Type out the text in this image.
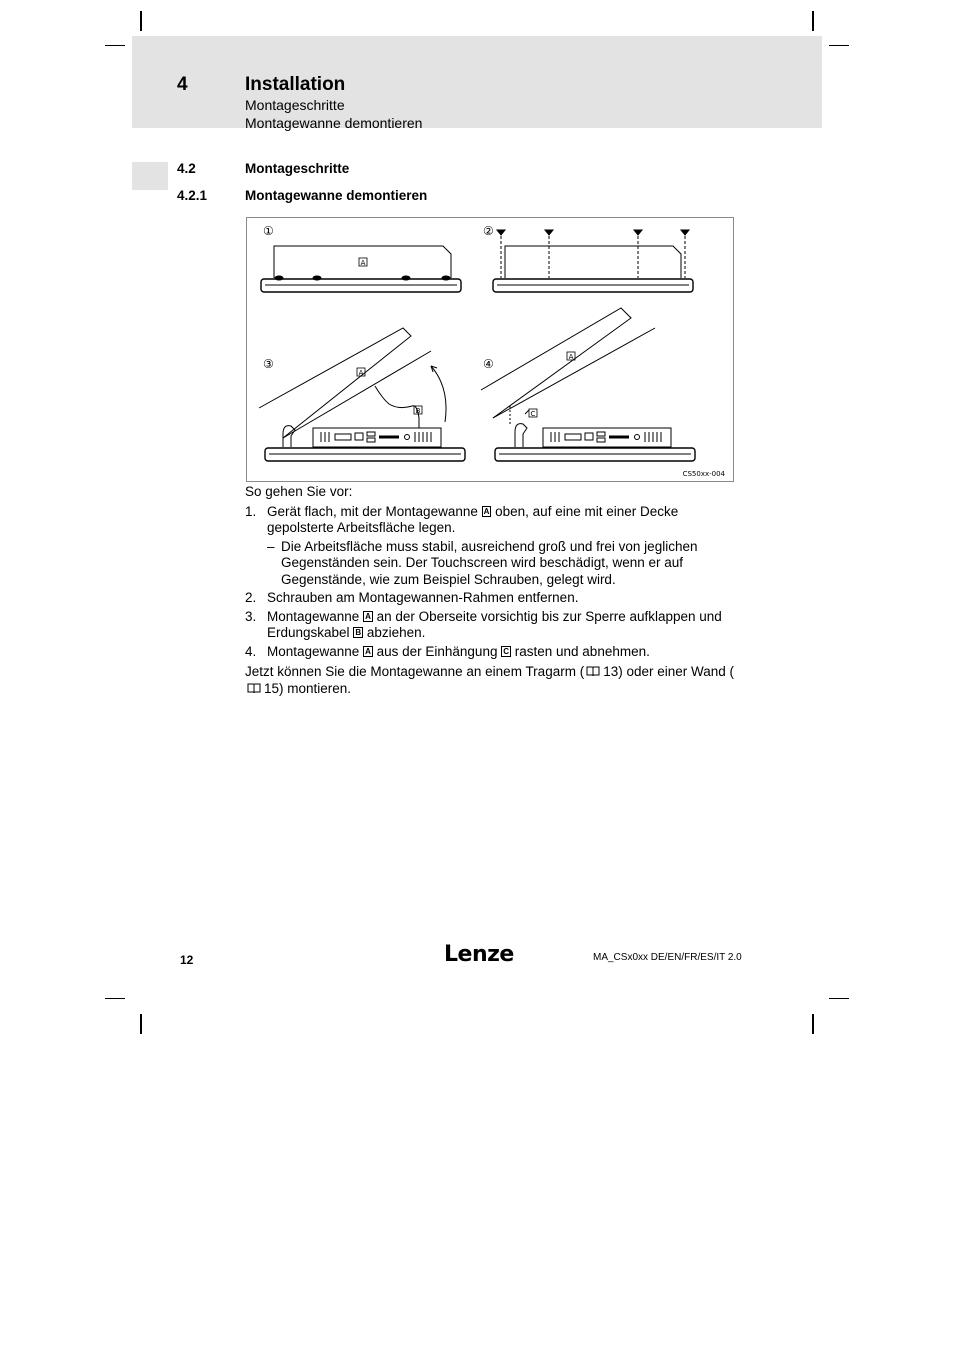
4	Installation
Montageschritte
Montagewanne demontieren
4.2	Montageschritte
4.2.1	Montagewanne demontieren
①	②
③	④
A
A
B
A
C
CS50xx-004

So gehen Sie vor:

1. Gerät flach, mit der Montagewanne A oben, auf eine mit einer Decke gepolsterte Arbeitsfläche legen.
– Die Arbeitsfläche muss stabil, ausreichend groß und frei von jeglichen Gegenständen sein. Der Touchscreen wird beschädigt, wenn er auf Gegenstände, wie zum Beispiel Schrauben, gelegt wird.
2. Schrauben am Montagewannen-Rahmen entfernen.
3. Montagewanne A an der Oberseite vorsichtig bis zur Sperre aufklappen und Erdungskabel B abziehen.
4. Montagewanne A aus der Einhängung C rasten und abnehmen.

Jetzt können Sie die Montagewanne an einem Tragarm ( 13) oder einer Wand (15) montieren.

12	Lenze	MA_CSx0xx DE/EN/FR/ES/IT 2.0
